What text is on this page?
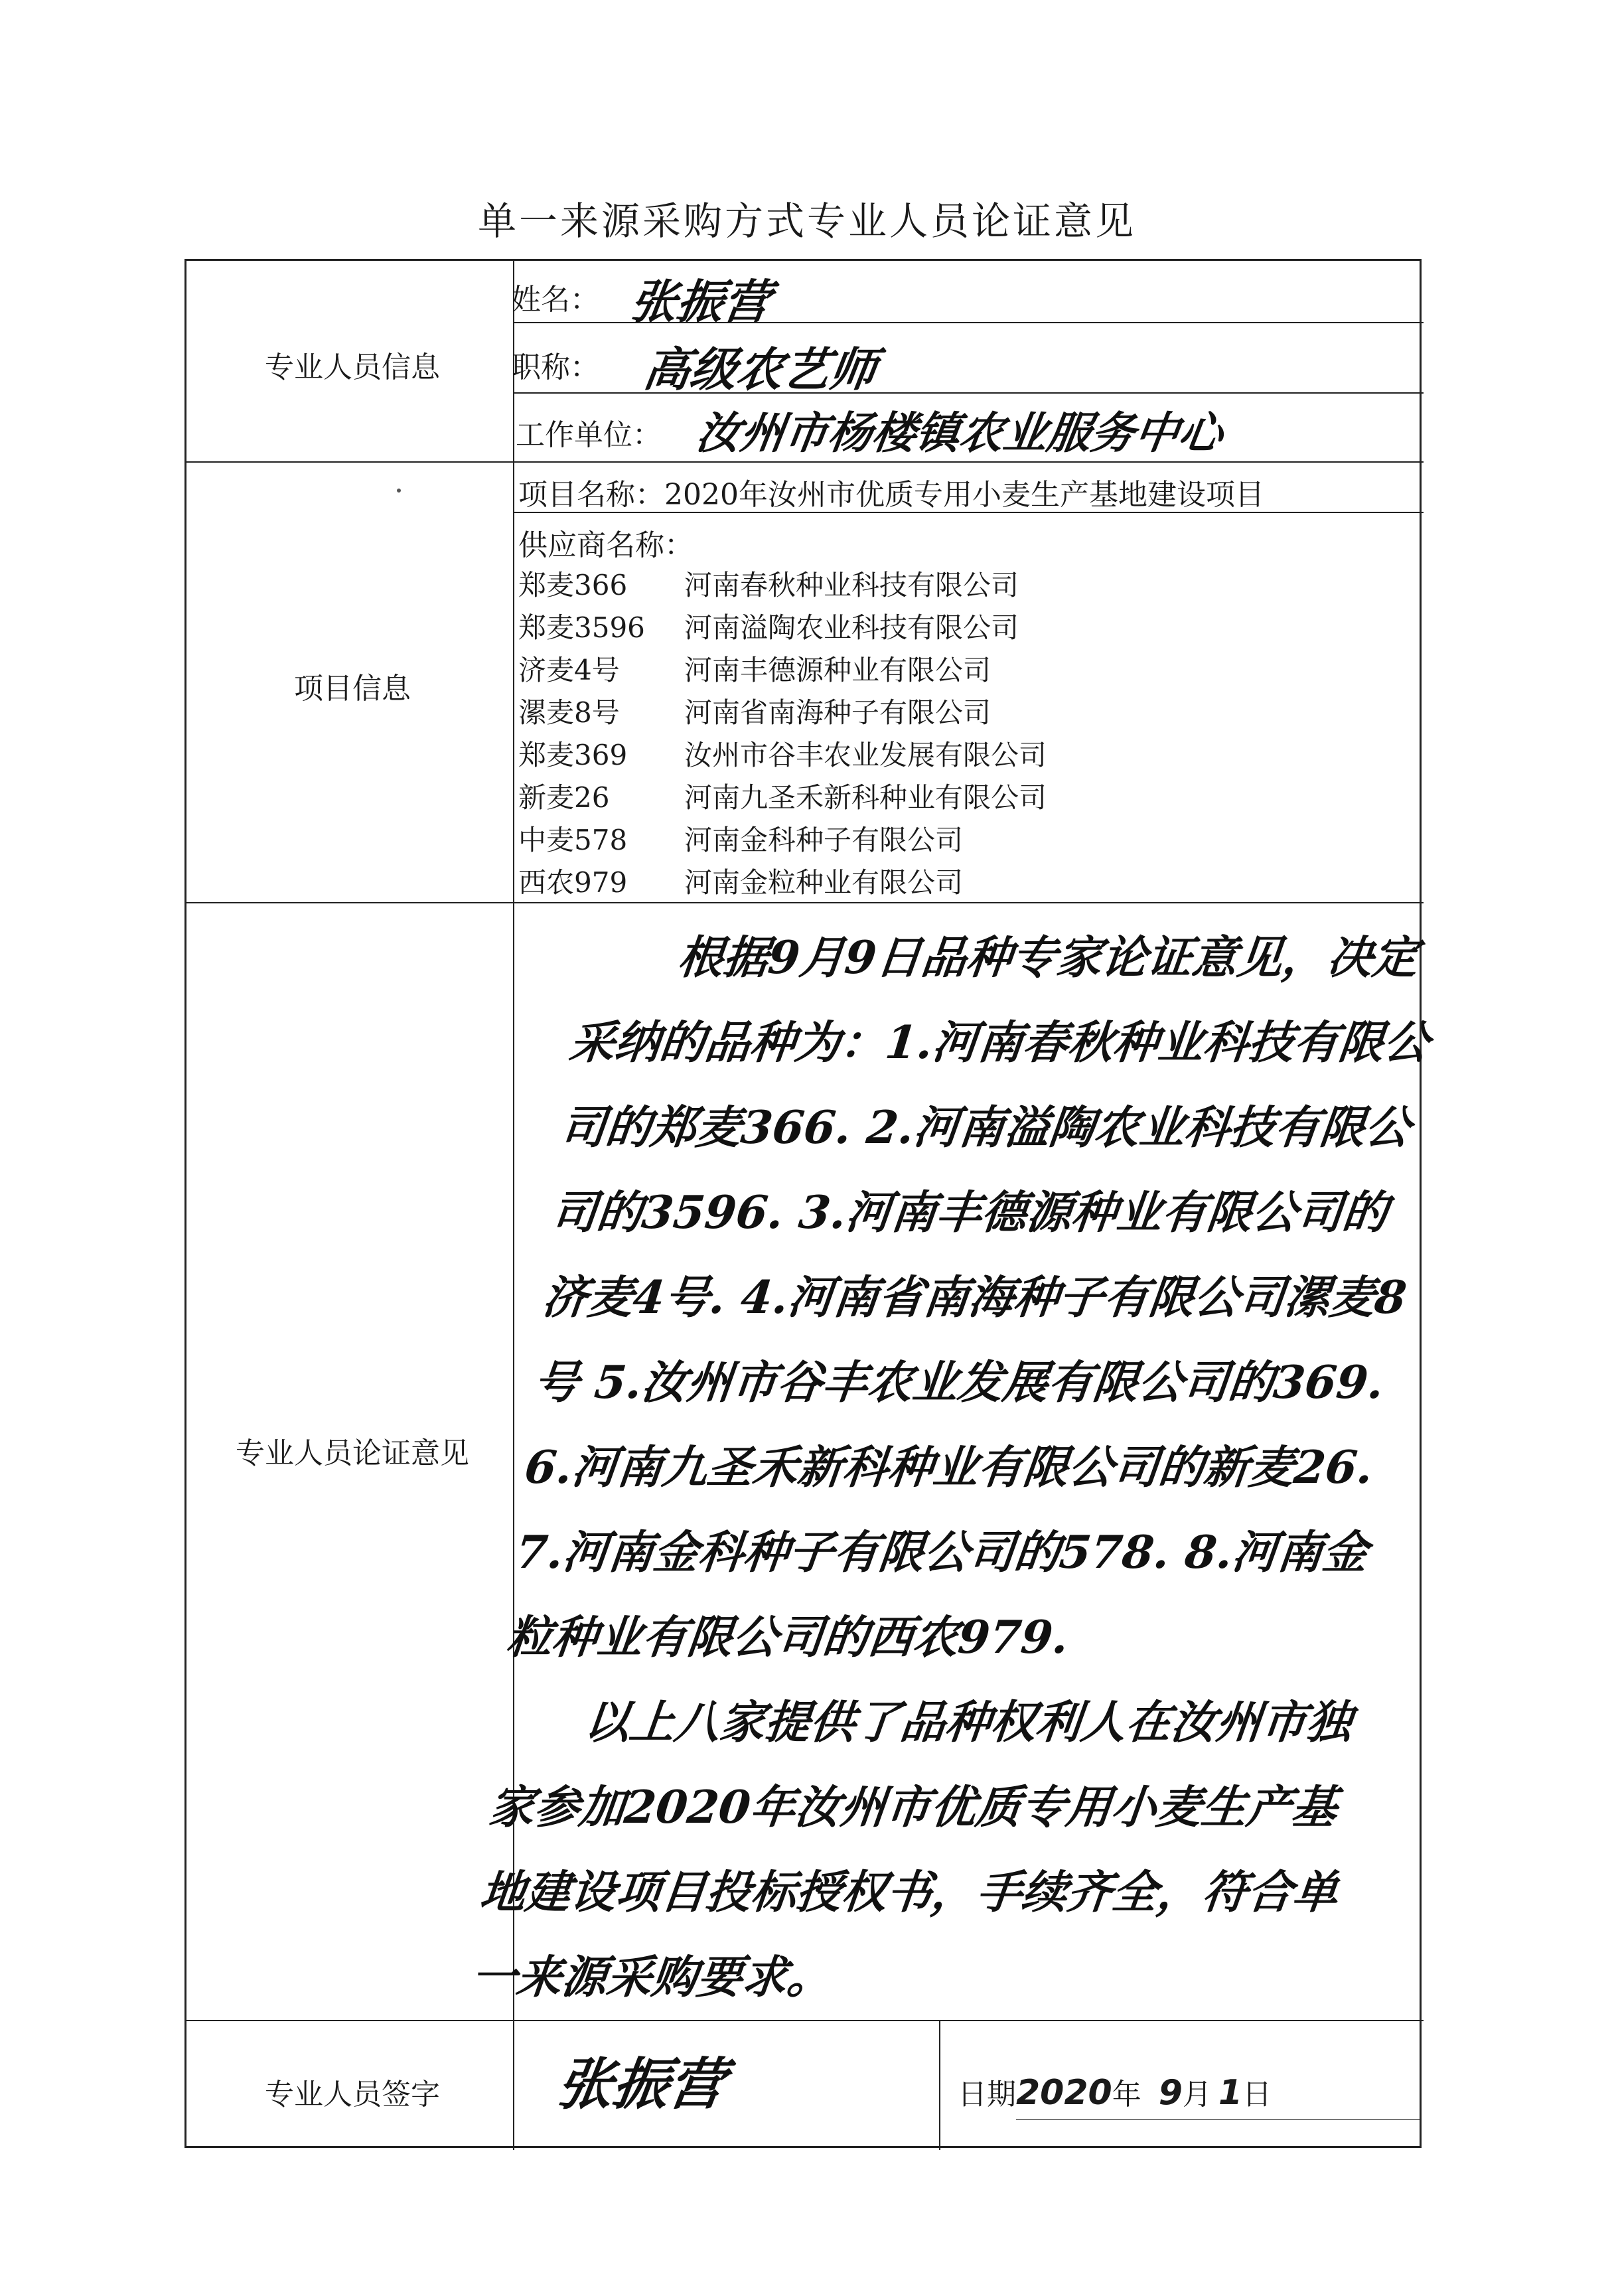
单一来源采购方式专业人员论证意见
专业人员信息
姓名： 张振营
职称： 高级农艺师
工作单位： 汝州市杨楼镇农业服务中心
项目信息
项目名称：2020年汝州市优质专用小麦生产基地建设项目
供应商名称：
郑麦366 河南春秋种业科技有限公司
郑麦3596 河南溢陶农业科技有限公司
济麦4号 河南丰德源种业有限公司
漯麦8号 河南省南海种子有限公司
郑麦369 汝州市谷丰农业发展有限公司
新麦26	河南九圣禾新科种业有限公司
中麦578 河南金科种子有限公司
西农979 河南金粒种业有限公司
专业人员论证意见

根据9月9日品种专家论证意见，决定采纳的品种为：1.河南春秋种业科技有限公司的郑麦366. 2.河南溢陶农业科技有限公司的3596. 3.河南丰德源种业有限公司的济麦4号. 4.河南省南海种子有限公司漯麦8号 5.汝州市谷丰农业发展有限公司的369. 6.河南九圣禾新科种业有限公司的新麦26. 7.河南金科种子有限公司的578. 8.河南金粒种业有限公司的西农979.

以上八家提供了品种权利人在汝州市独家参加2020年汝州市优质专用小麦生产基地建设项目投标授权书，手续齐全，符合单一来源采购要求。

专业人员签字	张振营	日期2020年 9月 1日
